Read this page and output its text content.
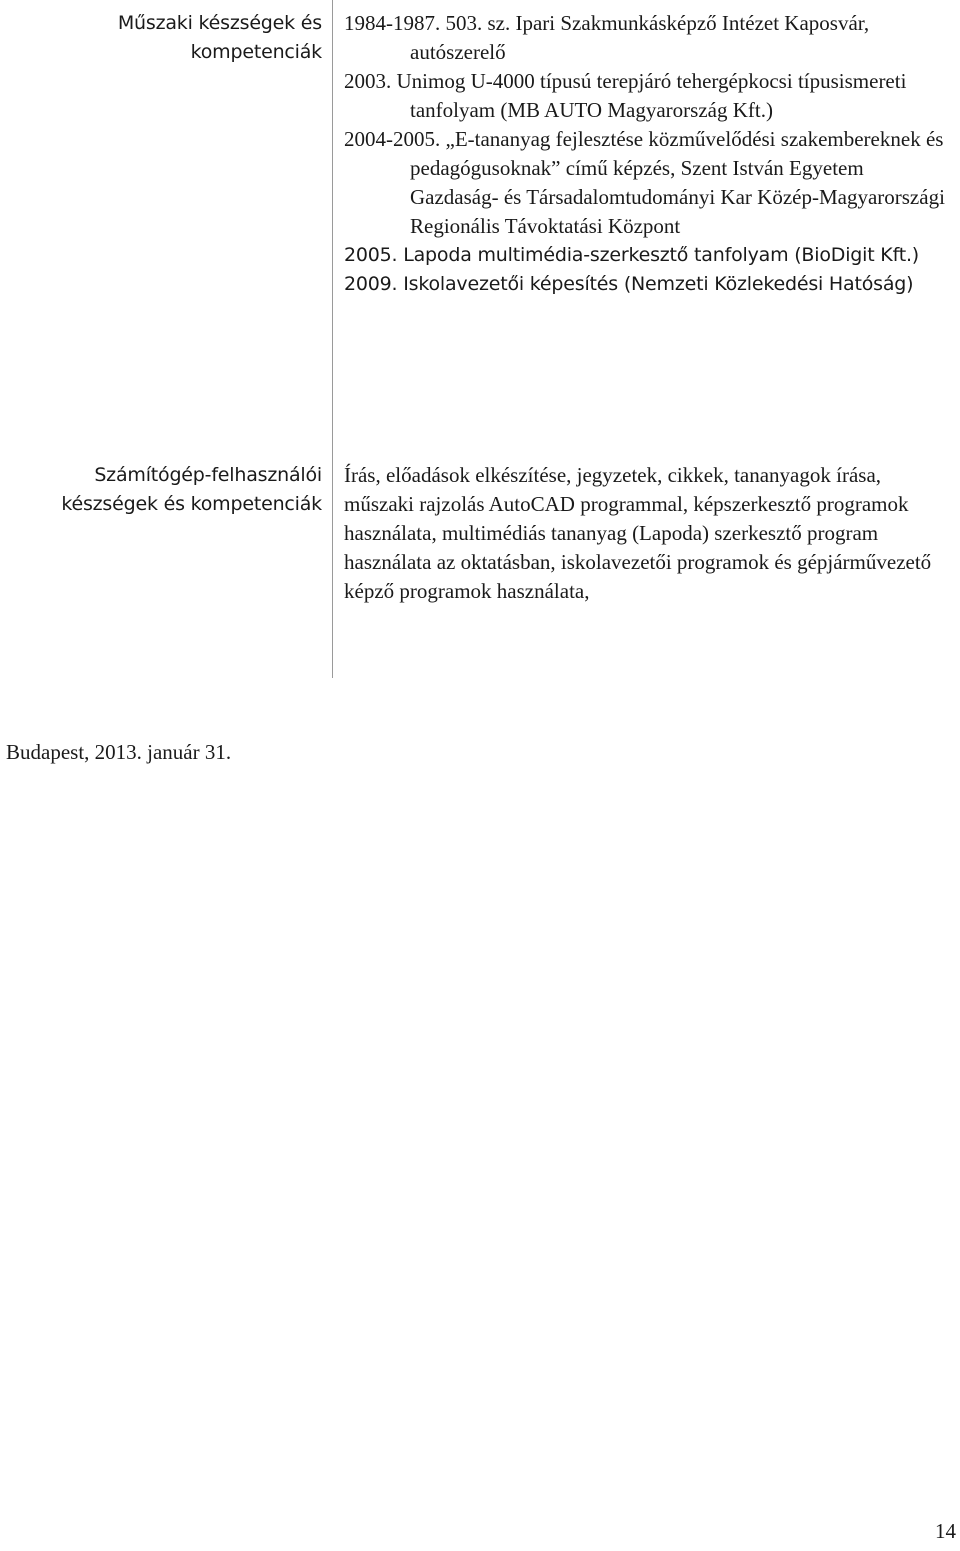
Műszaki készségek és
kompetenciák
1984-1987. 503. sz. Ipari Szakmunkásképző Intézet Kaposvár, autószerelő
2003. Unimog U-4000 típusú terepjáró tehergépkocsi típusismereti tanfolyam (MB AUTO Magyarország Kft.)
2004-2005. „E-tananyag fejlesztése közművelődési szakembereknek és pedagógusoknak” című képzés, Szent István Egyetem Gazdaság- és Társadalomtudományi Kar Közép-Magyarországi Regionális Távoktatási Központ
2005. Lapoda multimédia-szerkesztő tanfolyam (BioDigit Kft.)
2009. Iskolavezetői képesítés (Nemzeti Közlekedési Hatóság)
Számítógép-felhasználói
készségek és kompetenciák

Írás, előadások elkészítése, jegyzetek, cikkek, tananyagok írása, műszaki rajzolás AutoCAD programmal, képszerkesztő programok használata, multimédiás tananyag (Lapoda) szerkesztő program használata az oktatásban, iskolavezetői programok és gépjárművezető képző programok használata,

Budapest, 2013. január 31.
14
